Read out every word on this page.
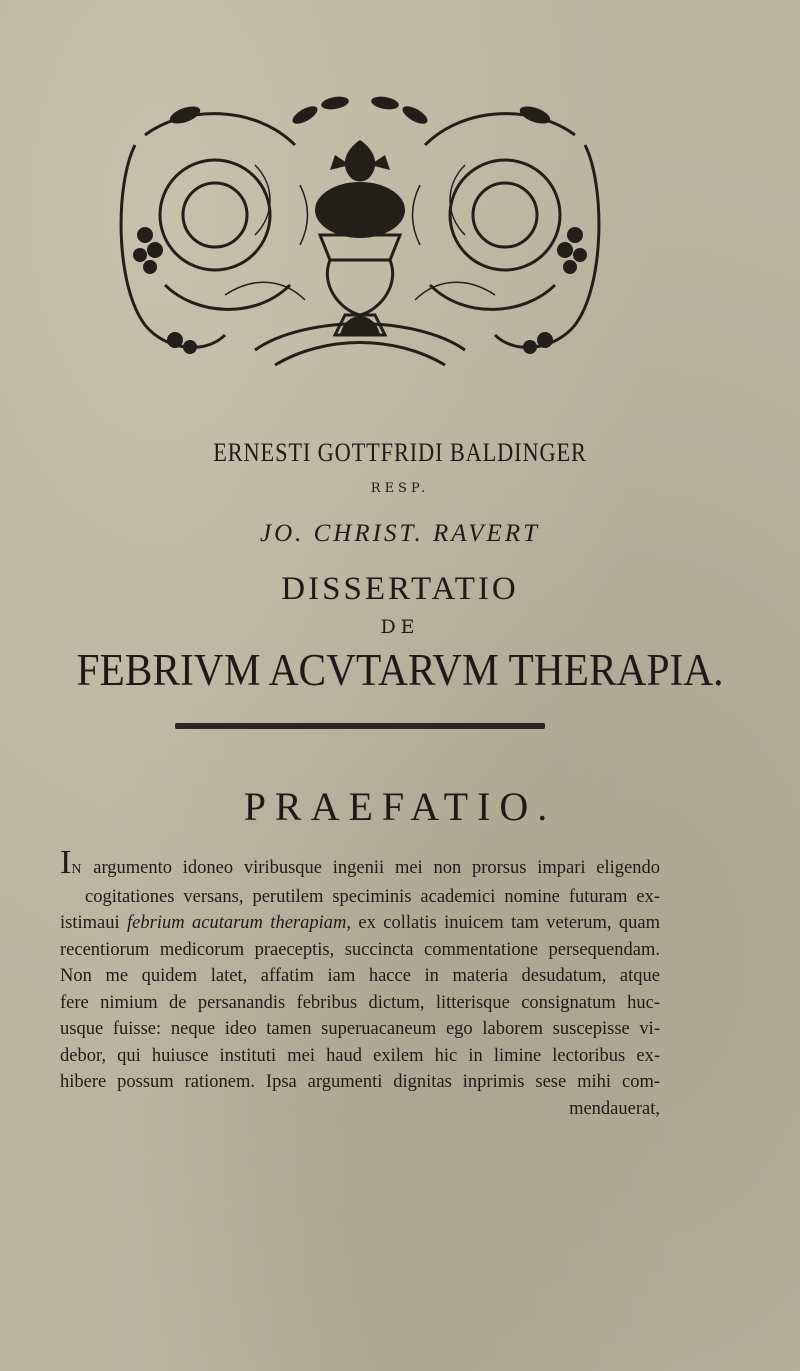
ERNESTI GOTTFRIDI BALDINGER
RESP.
JO. CHRIST. RAVERT
DISSERTATIO
DE
FEBRIVM ACVTARVM THERAPIA.
PRAEFATIO.
IN argumento idoneo viribusque ingenii mei non prorsus impari eligendo
cogitationes versans, perutilem speciminis academici nomine futuram ex-
istimaui febrium acutarum therapiam, ex collatis inuicem tam veterum, quam
recentiorum medicorum praeceptis, succincta commentatione persequendam.
Non me quidem latet, affatim iam hacce in materia desudatum, atque
fere nimium de persanandis febribus dictum, litterisque consignatum huc-
usque fuisse: neque ideo tamen superuacaneum ego laborem suscepisse vi-
debor, qui huiusce instituti mei haud exilem hic in limine lectoribus ex-
hibere possum rationem. Ipsa argumenti dignitas inprimis sese mihi com-
mendauerat,
